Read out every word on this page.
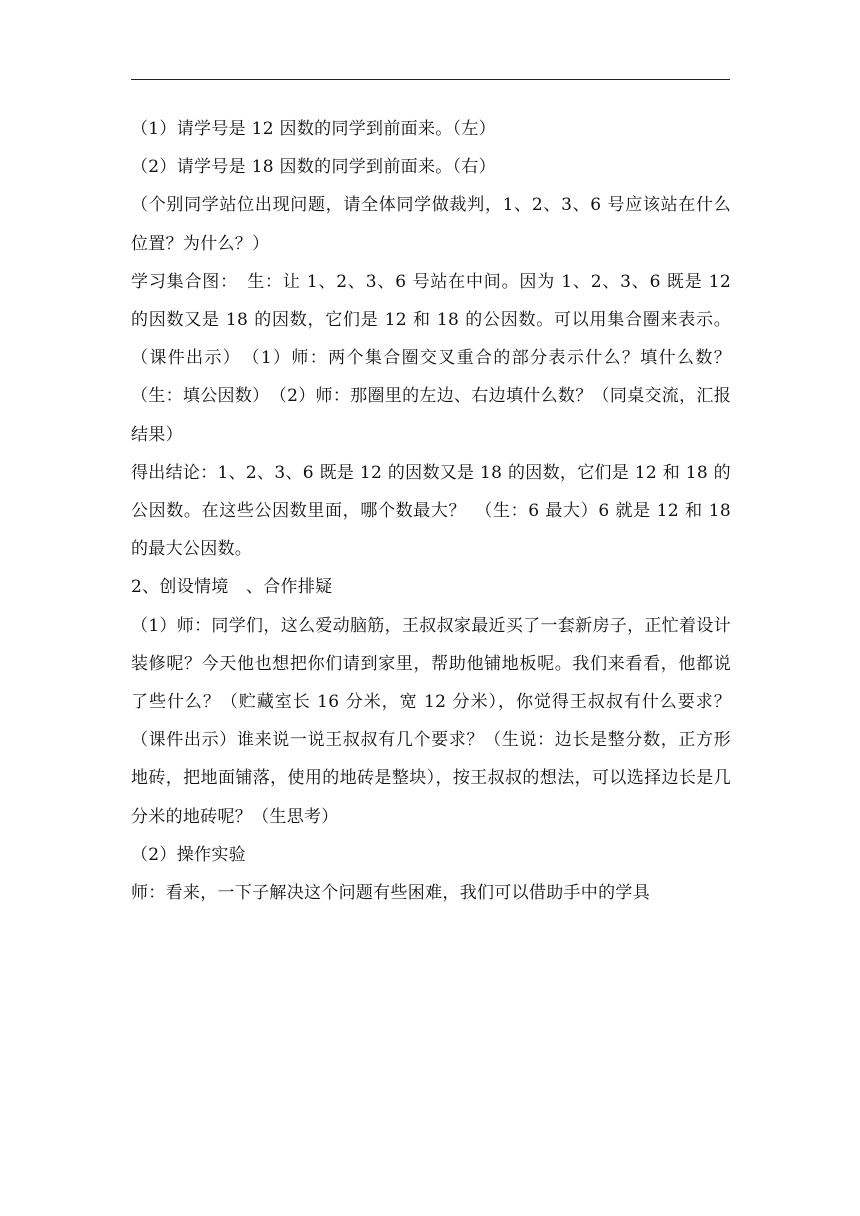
（1）请学号是 12 因数的同学到前面来。（左）

（2）请学号是 18 因数的同学到前面来。（右）

（个别同学站位出现问题，请全体同学做裁判，1、2、3、6 号应该站在什么位置？为什么？）

学习集合图：　生：让 1、2、3、6 号站在中间。因为 1、2、3、6 既是 12 的因数又是 18 的因数，它们是 12 和 18 的公因数。可以用集合圈来表示。（课件出示）　（1）师：两个集合圈交叉重合的部分表示什么？填什么数？（生：填公因数）　（2）师：那圈里的左边、右边填什么数？（同桌交流，汇报结果）

得出结论：1、2、3、6 既是 12 的因数又是 18 的因数，它们是 12 和 18 的公因数。在这些公因数里面，哪个数最大？　（生：6 最大）6 就是 12 和 18 的最大公因数。

2、创设情境　、合作排疑

（1）师：同学们，这么爱动脑筋，王叔叔家最近买了一套新房子，正忙着设计装修呢？今天他也想把你们请到家里，帮助他铺地板呢。我们来看看，他都说了些什么？（贮藏室长 16 分米，宽 12 分米），你觉得王叔叔有什么要求？（课件出示）谁来说一说王叔叔有几个要求？（生说：边长是整分数，正方形地砖，把地面铺落，使用的地砖是整块），按王叔叔的想法，可以选择边长是几分米的地砖呢？（生思考）

（2）操作实验

师：看来，一下子解决这个问题有些困难，我们可以借助手中的学具
